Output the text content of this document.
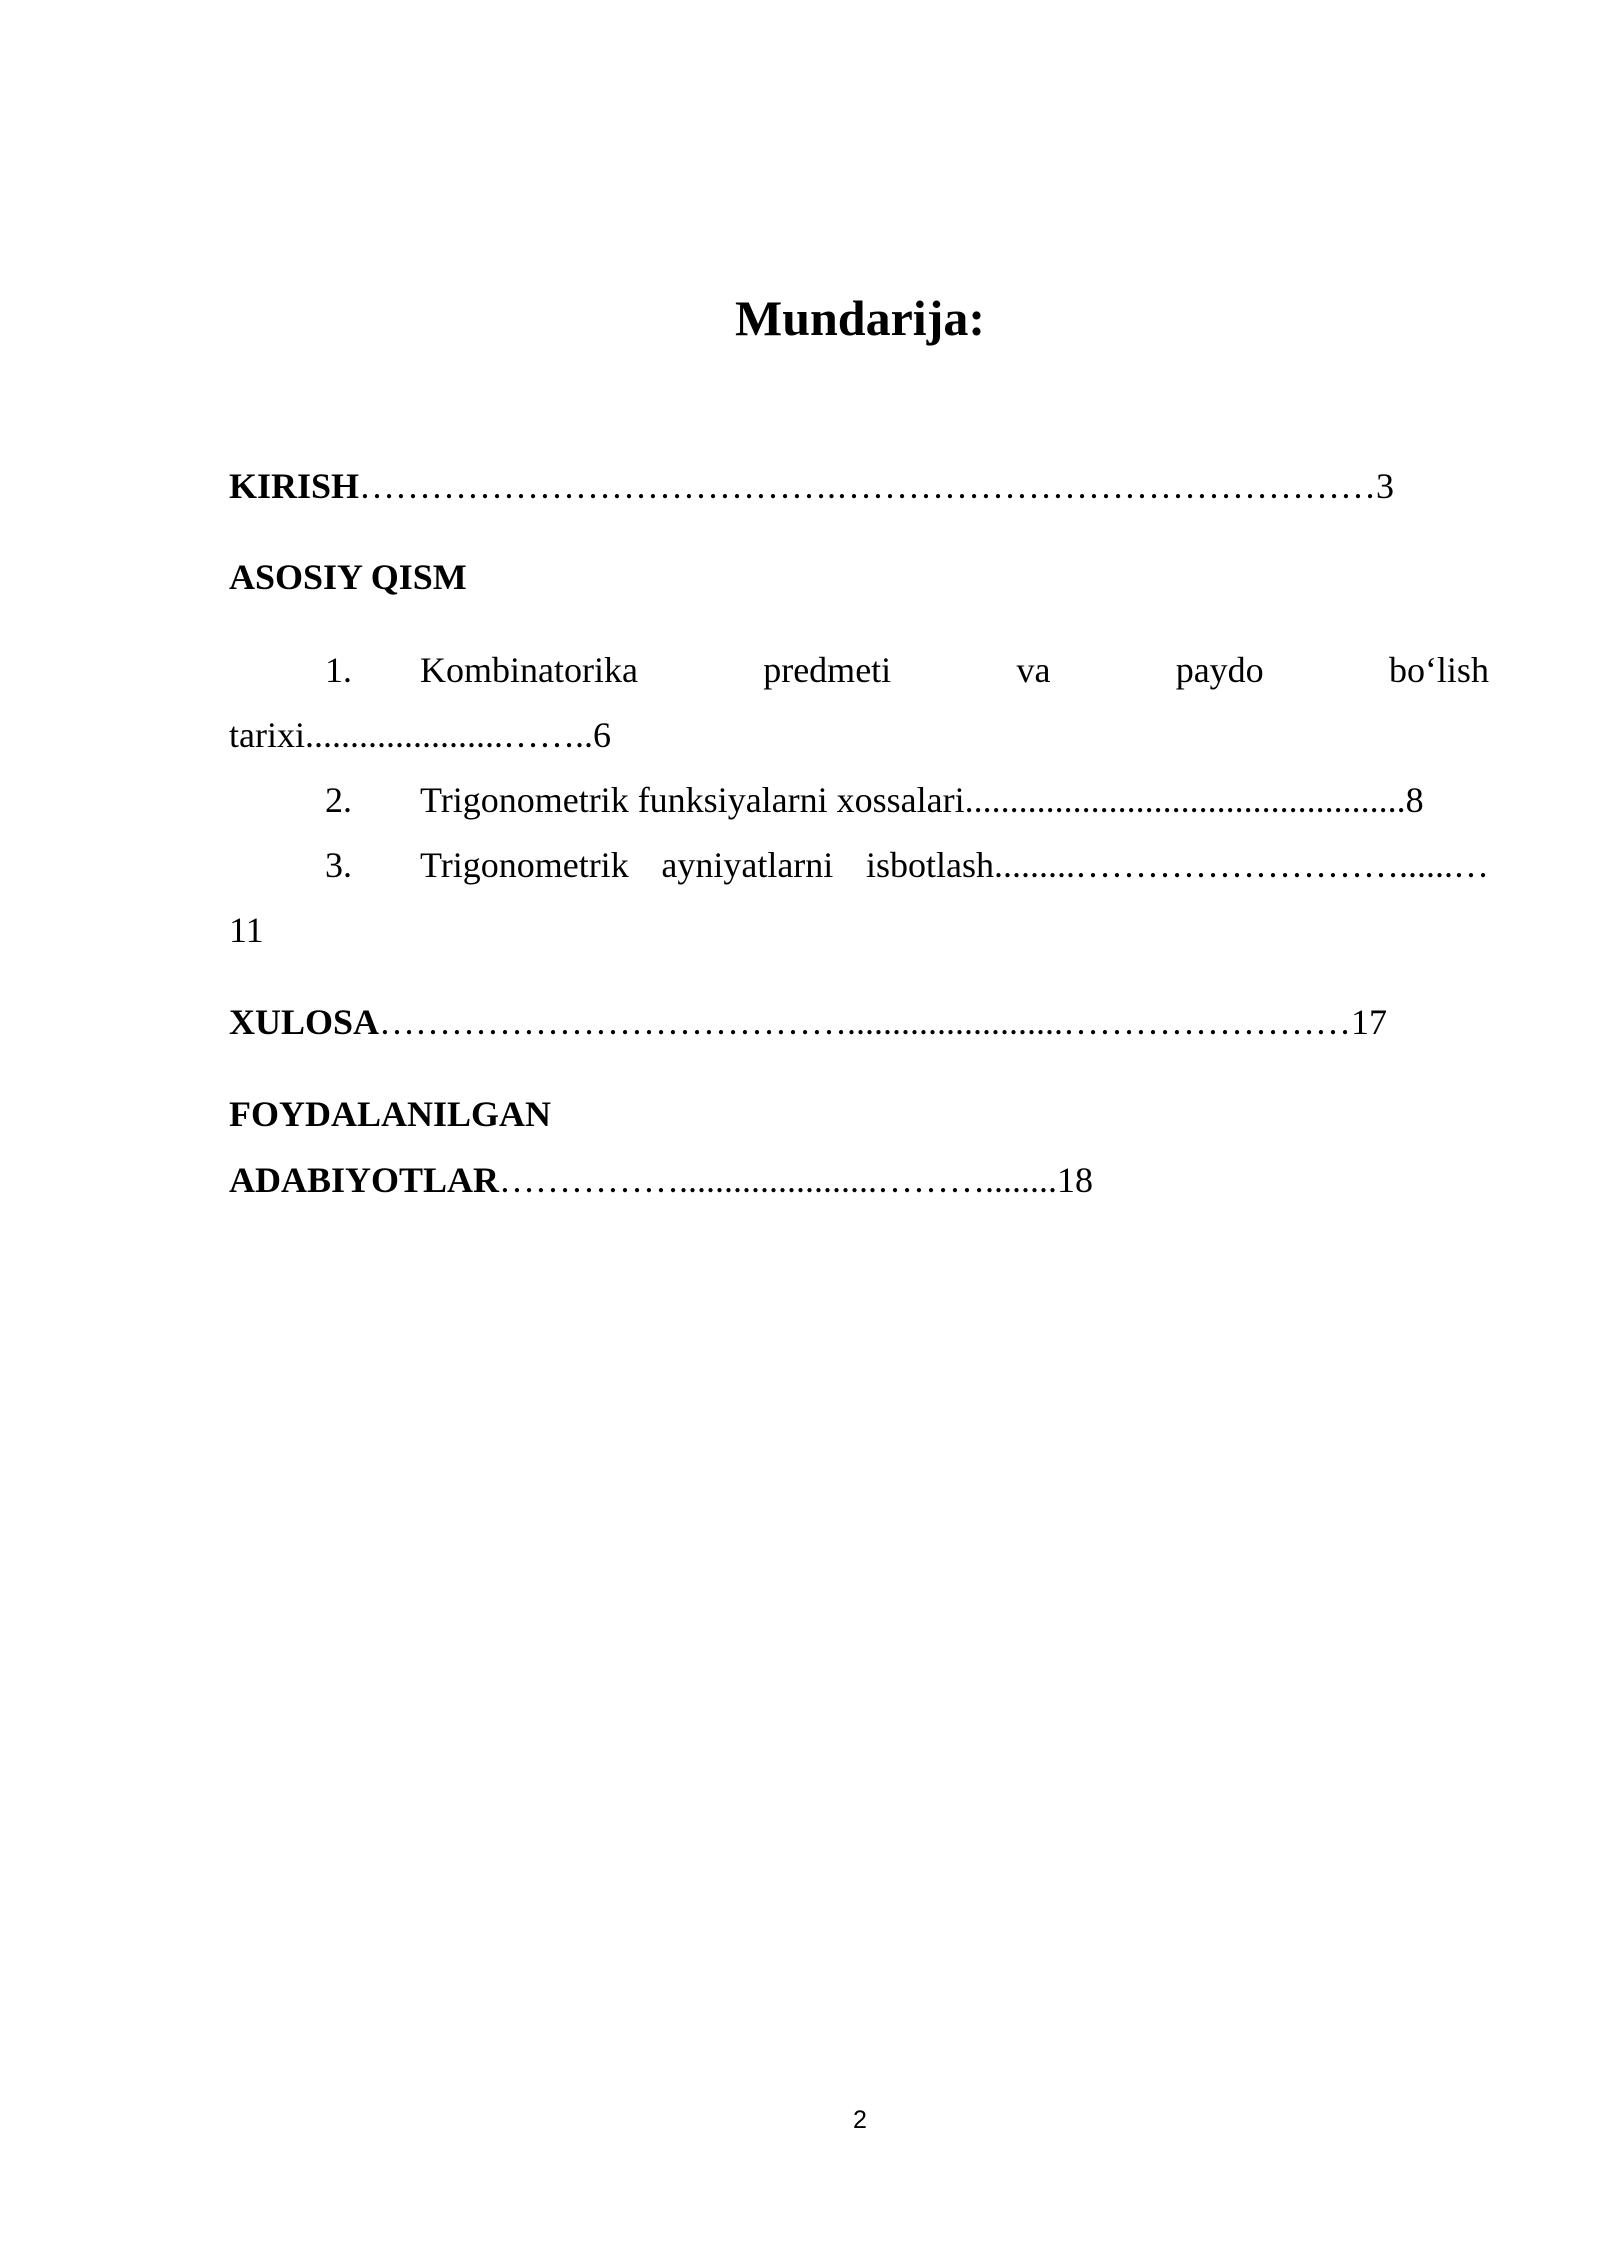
Mundarija:
KIRISH………………………………….………………………………………3
ASOSIY QISM
1. Kombinatorika	predmeti	va	paydo	bo‘lish
tarixi......................……..6
2. Trigonometrik funksiyalarni xossalari.................................................8
3. Trigonometrik ayniyatlarni isbotlash.........………………………......…
11
XULOSA…………………………………........................……………………17
FOYDALANILGAN
ADABIYOTLAR……………......................………........18
2
